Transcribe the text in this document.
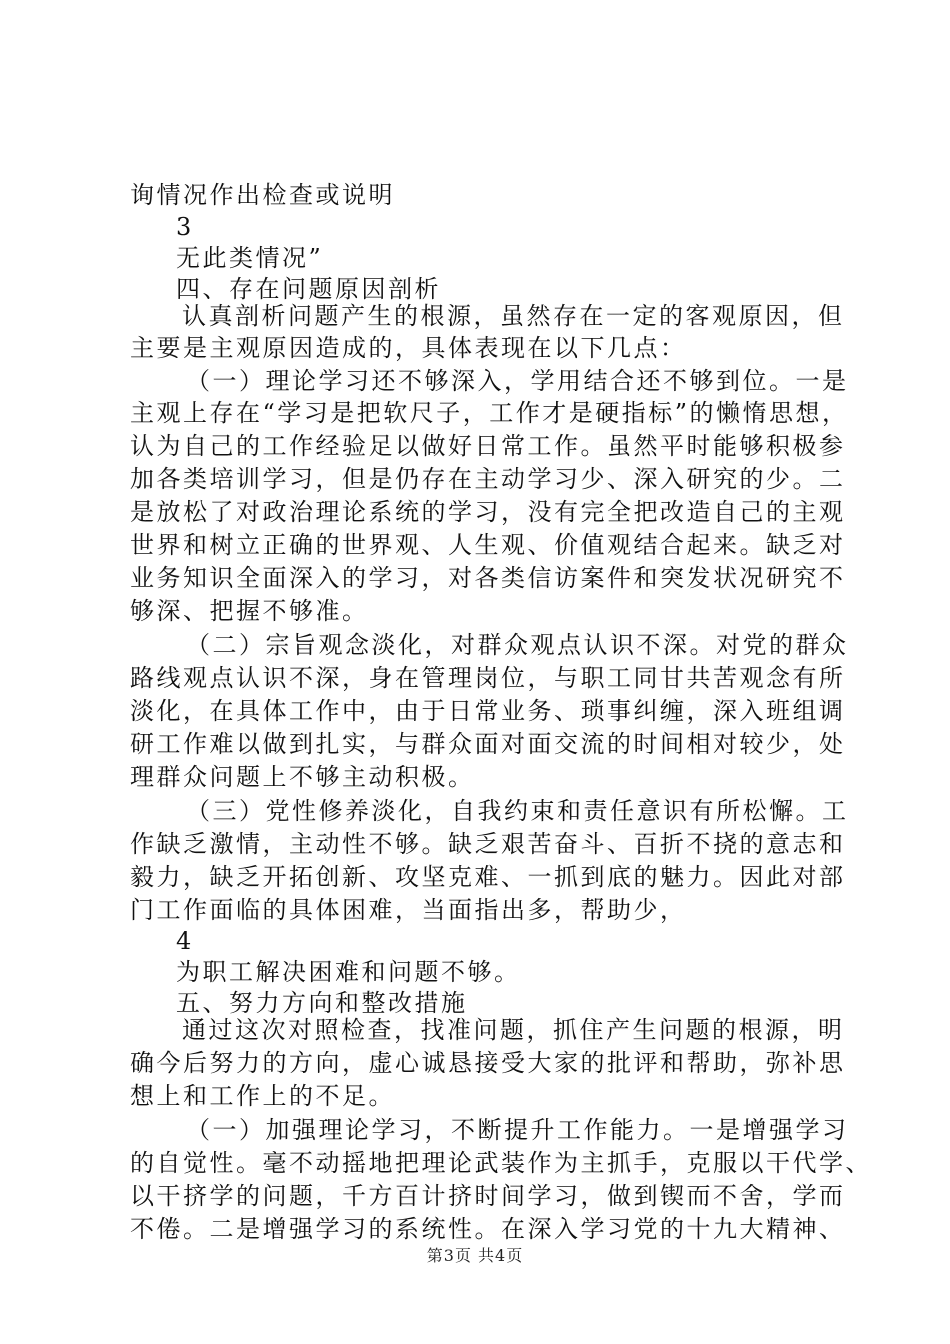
询情况作出检查或说明
3
无此类情况”
四、存在问题原因剖析
认真剖析问题产生的根源，虽然存在一定的客观原因，但
主要是主观原因造成的，具体表现在以下几点：
（一）理论学习还不够深入，学用结合还不够到位。一是
主观上存在“学习是把软尺子，工作才是硬指标”的懒惰思想，
认为自己的工作经验足以做好日常工作。虽然平时能够积极参
加各类培训学习，但是仍存在主动学习少、深入研究的少。二
是放松了对政治理论系统的学习，没有完全把改造自己的主观
世界和树立正确的世界观、人生观、价值观结合起来。缺乏对
业务知识全面深入的学习，对各类信访案件和突发状况研究不
够深、把握不够准。
（二）宗旨观念淡化，对群众观点认识不深。对党的群众
路线观点认识不深，身在管理岗位，与职工同甘共苦观念有所
淡化，在具体工作中，由于日常业务、琐事纠缠，深入班组调
研工作难以做到扎实，与群众面对面交流的时间相对较少，处
理群众问题上不够主动积极。
（三）党性修养淡化，自我约束和责任意识有所松懈。工
作缺乏激情，主动性不够。缺乏艰苦奋斗、百折不挠的意志和
毅力，缺乏开拓创新、攻坚克难、一抓到底的魅力。因此对部
门工作面临的具体困难，当面指出多，帮助少，
4
为职工解决困难和问题不够。
五、努力方向和整改措施
通过这次对照检查，找准问题，抓住产生问题的根源，明
确今后努力的方向，虚心诚恳接受大家的批评和帮助，弥补思
想上和工作上的不足。
（一）加强理论学习，不断提升工作能力。一是增强学习
的自觉性。毫不动摇地把理论武装作为主抓手，克服以干代学、
以干挤学的问题，千方百计挤时间学习，做到锲而不舍，学而
不倦。二是增强学习的系统性。在深入学习党的十九大精神、
第3页 共4页
